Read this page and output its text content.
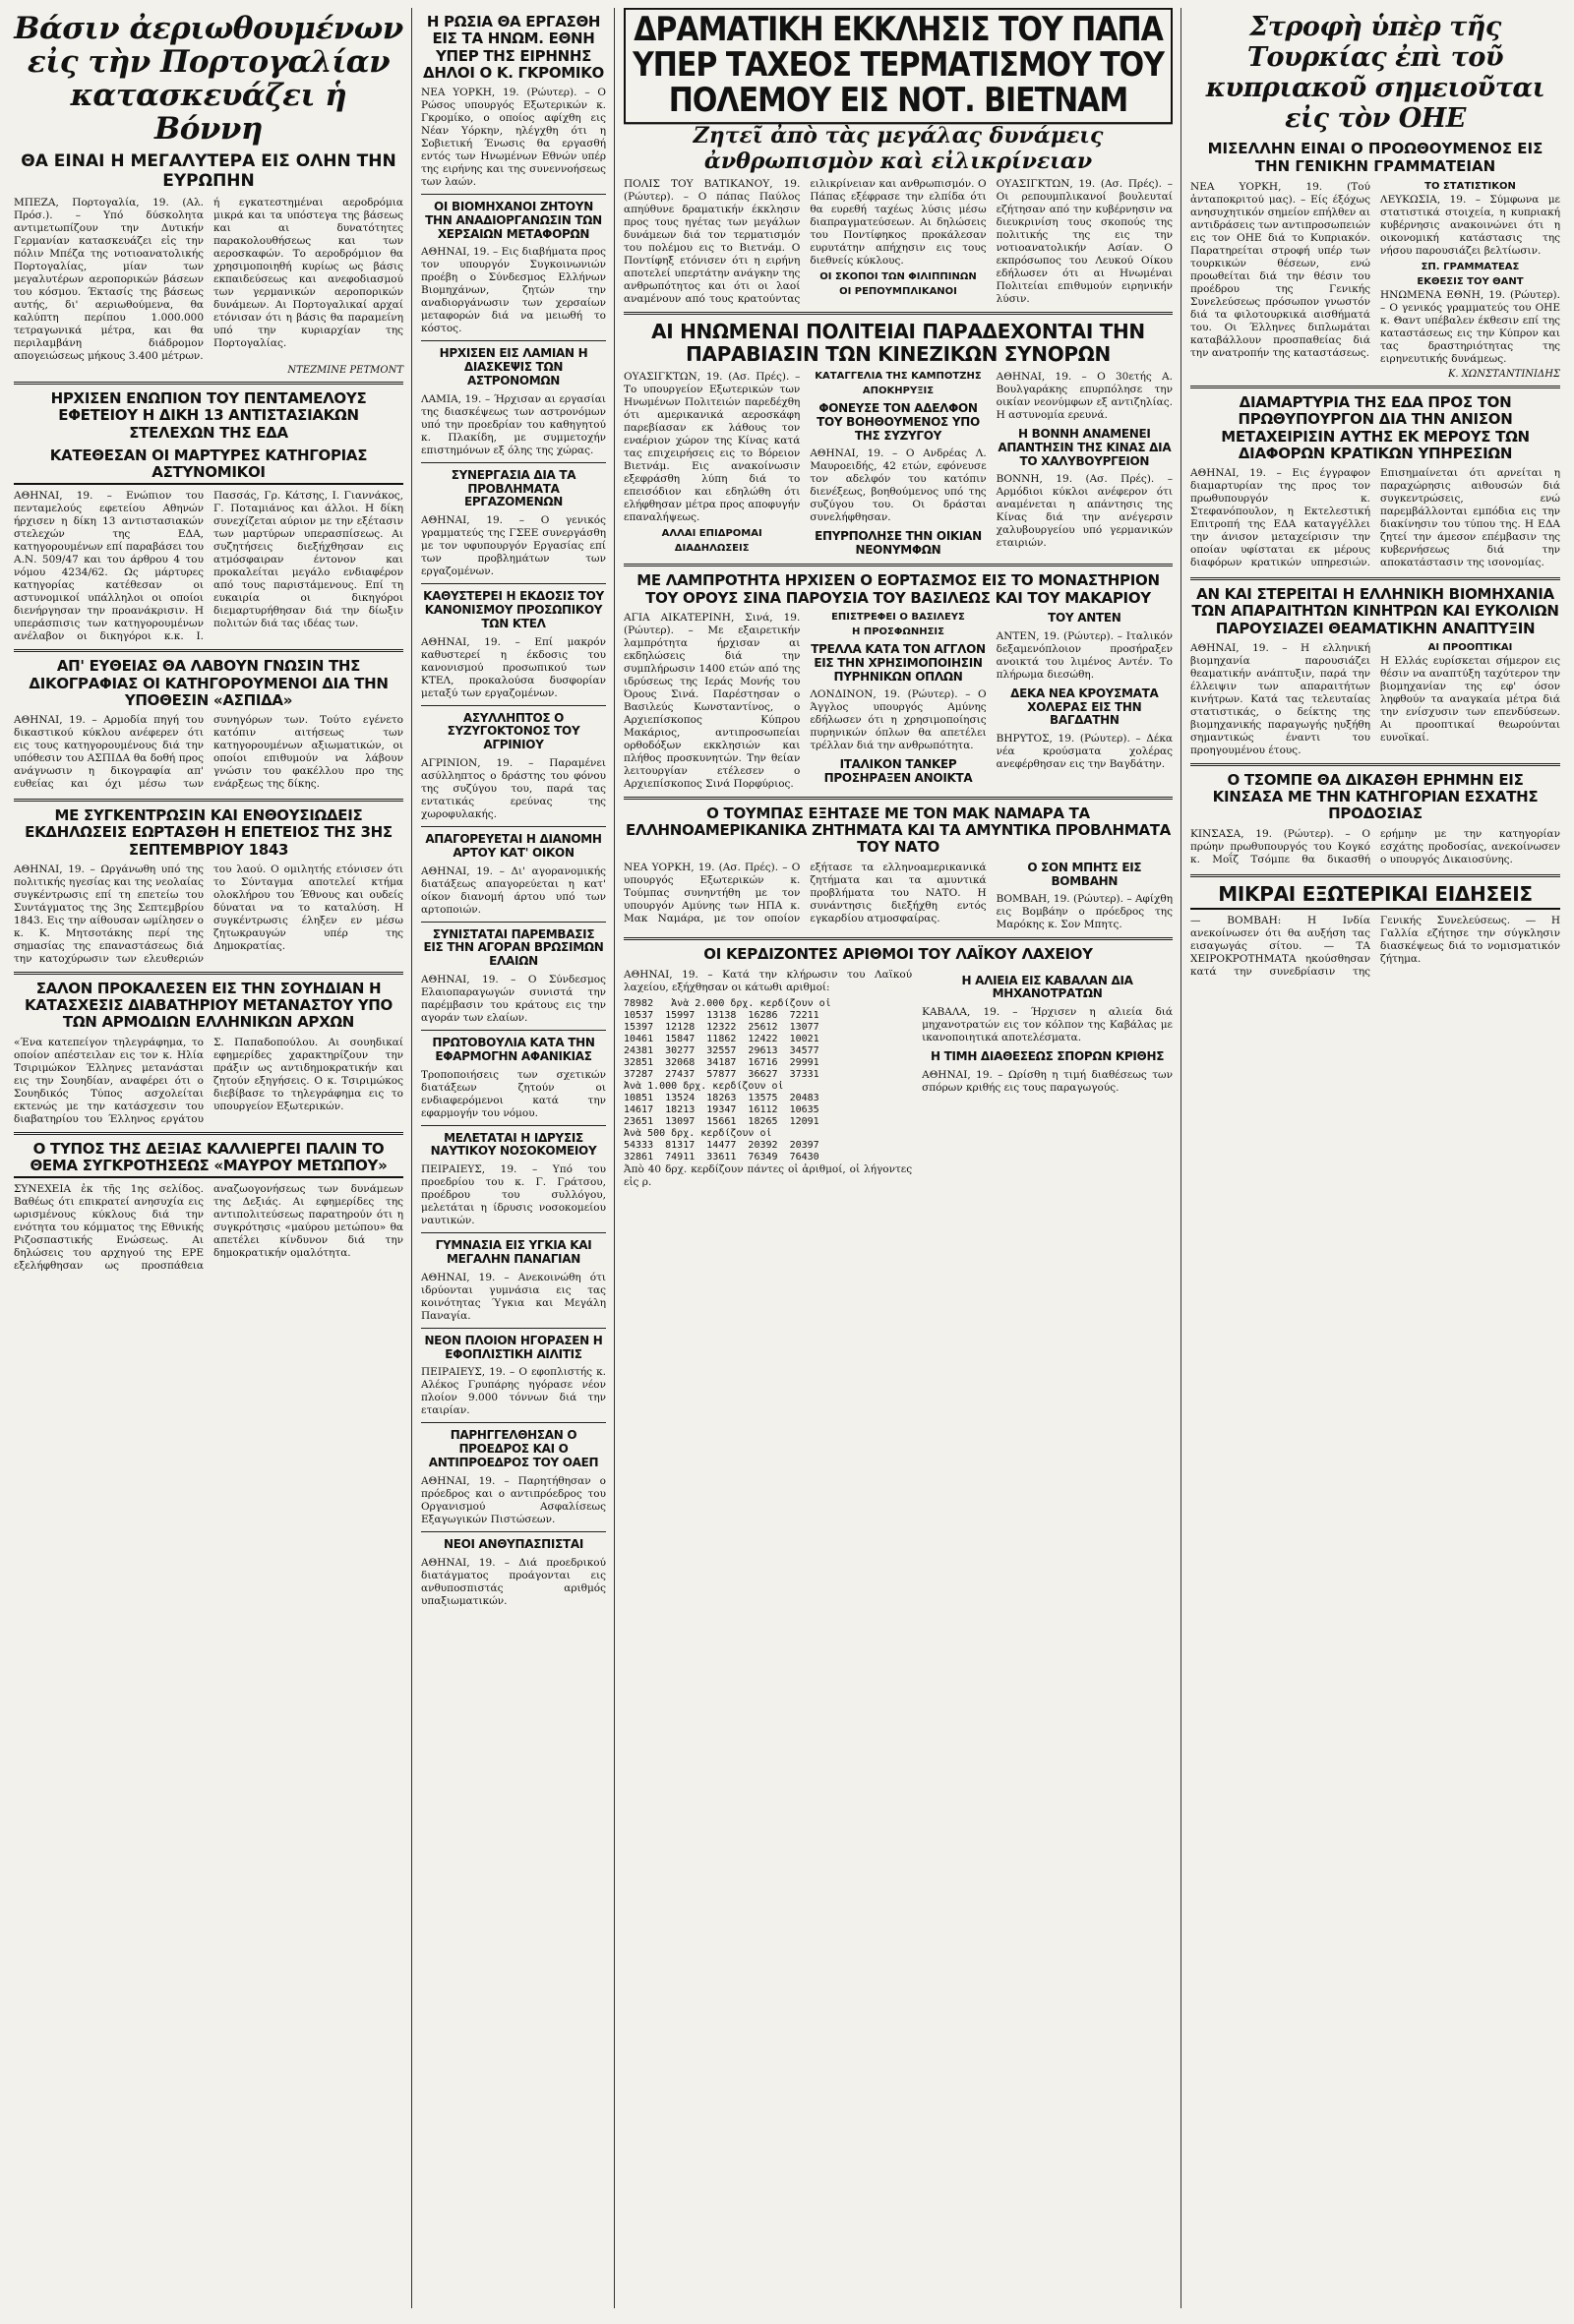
Βάσιν ἀεριωθουμένων εἰς τὴν Πορτογαλίαν κατασκευάζει ἡ Βόννη
ΘΑ ΕΙΝΑΙ Η ΜΕΓΑΛΥΤΕΡΑ ΕΙΣ ΟΛΗΝ ΤΗΝ ΕΥΡΩΠΗΝ

ΜΠΕΖΑ, Πορτογαλία, 19. (Αλ. Πρόσ.). – Υπό δύσκολητα αντιμετωπίζουν την Δυτικήν Γερμανίαν κατασκευάζει εἰς την πόλιν Μπέζα της νοτιοανατολικής Πορτογαλίας, μίαν των μεγαλυτέρων αεροπορικών βάσεων του κόσμου. Έκτασίς της βάσεως αυτής, δι' αεριωθούμενα, θα καλύπτη περίπου 1.000.000 τετραγωνικά μέτρα, και θα περιλαμβάνη διάδρομον απογειώσεως μήκους 3.400 μέτρων.

ή εγκατεστημέναι αεροδρόμια μικρά και τα υπόστεγα της βάσεως και αι δυνατότητες παρακολουθήσεως και των αεροσκαφών. Το αεροδρόμιον θα χρησιμοποιηθή κυρίως ως βάσις εκπαιδεύσεως και ανεφοδιασμού των γερμανικών αεροπορικών δυνάμεων. Αι Πορτογαλικαί αρχαί ετόνισαν ότι η βάσις θα παραμείνη υπό την κυριαρχίαν της Πορτογαλίας.

ΝΤΕΖΜΙΝΕ ΡΕΤΜΟΝΤ
ΗΡΧΙΣΕΝ ΕΝΩΠΙΟΝ ΤΟΥ ΠΕΝΤΑΜΕΛΟΥΣ ΕΦΕΤΕΙΟΥ Η ΔΙΚΗ 13 ΑΝΤΙΣΤΑΣΙΑΚΩΝ ΣΤΕΛΕΧΩΝ ΤΗΣ ΕΔΑ
ΚΑΤΕΘΕΣΑΝ ΟΙ ΜΑΡΤΥΡΕΣ ΚΑΤΗΓΟΡΙΑΣ ΑΣΤΥΝΟΜΙΚΟΙ

ΑΘΗΝΑΙ, 19. – Ενώπιον του πενταμελούς εφετείου Αθηνών ήρχισεν η δίκη 13 αντιστασιακών στελεχών της ΕΔΑ, κατηγορουμένων επί παραβάσει του Α.Ν. 509/47 και του άρθρου 4 του νόμου 4234/62. Ως μάρτυρες κατηγορίας κατέθεσαν οι αστυνομικοί υπάλληλοι οι οποίοι διενήργησαν την προανάκρισιν. Η υπεράσπισις των κατηγορουμένων ανέλαβον οι δικηγόροι κ.κ. Ι. Πασσάς, Γρ. Κάτσης, Ι. Γιαννάκος, Γ. Ποταμιάνος και άλλοι. Η δίκη συνεχίζεται αύριον με την εξέτασιν των μαρτύρων υπερασπίσεως. Αι συζητήσεις διεξήχθησαν εις ατμόσφαιραν έντονον και προκαλείται μεγάλο ενδιαφέρον από τους παριστάμενους. Επί τη ευκαιρία οι δικηγόροι διεμαρτυρήθησαν διά την δίωξιν πολιτών διά τας ιδέας των.

ΑΠ' ΕΥΘΕΙΑΣ ΘΑ ΛΑΒΟΥΝ ΓΝΩΣΙΝ ΤΗΣ ΔΙΚΟΓΡΑΦΙΑΣ ΟΙ ΚΑΤΗΓΟΡΟΥΜΕΝΟΙ ΔΙΑ ΤΗΝ ΥΠΟΘΕΣΙΝ «ΑΣΠΙΔΑ»

ΑΘΗΝΑΙ, 19. – Αρμοδία πηγή του δικαστικού κύκλου ανέφερεν ότι εις τους κατηγορουμένους διά την υπόθεσιν του ΑΣΠΙΔΑ θα δοθή προς ανάγνωσιν η δικογραφία απ' ευθείας και όχι μέσω των συνηγόρων των. Τούτο εγένετο κατόπιν αιτήσεως των κατηγορουμένων αξιωματικών, οι οποίοι επιθυμούν να λάβουν γνώσιν του φακέλλου προ της ενάρξεως της δίκης.

ΜΕ ΣΥΓΚΕΝΤΡΩΣΙΝ ΚΑΙ ΕΝΘΟΥΣΙΩΔΕΙΣ ΕΚΔΗΛΩΣΕΙΣ ΕΩΡΤΑΣΘΗ Η ΕΠΕΤΕΙΟΣ ΤΗΣ 3ΗΣ ΣΕΠΤΕΜΒΡΙΟΥ 1843

ΑΘΗΝΑΙ, 19. – Ωργάνωθη υπό της πολιτικής ηγεσίας και της νεολαίας συγκέντρωσις επί τη επετείω του Συντάγματος της 3ης Σεπτεμβρίου 1843. Εις την αίθουσαν ωμίλησεν ο κ. Κ. Μητσοτάκης περί της σημασίας της επαναστάσεως διά την κατοχύρωσιν των ελευθεριών του λαού. Ο ομιλητής ετόνισεν ότι το Σύνταγμα αποτελεί κτήμα ολοκλήρου του Έθνους και ουδείς δύναται να το καταλύση. Η συγκέντρωσις έληξεν εν μέσω ζητωκραυγών υπέρ της Δημοκρατίας.

ΣΑΛΟΝ ΠΡΟΚΑΛΕΣΕΝ ΕΙΣ ΤΗΝ ΣΟΥΗΔΙΑΝ Η ΚΑΤΑΣΧΕΣΙΣ ΔΙΑΒΑΤΗΡΙΟΥ ΜΕΤΑΝΑΣΤΟΥ ΥΠΟ ΤΩΝ ΑΡΜΟΔΙΩΝ ΕΛΛΗΝΙΚΩΝ ΑΡΧΩΝ

«Ένα κατεπείγον τηλεγράφημα, το οποίον απέστειλαν εις τον κ. Ηλία Τσιριμώκον Έλληνες μετανάσται εις την Σουηδίαν, αναφέρει ότι ο Σουηδικός Τύπος ασχολείται εκτενώς με την κατάσχεσιν του διαβατηρίου του Έλληνος εργάτου Σ. Παπαδοπούλου. Αι σουηδικαί εφημερίδες χαρακτηρίζουν την πράξιν ως αντιδημοκρατικήν και ζητούν εξηγήσεις. Ο κ. Τσιριμώκος διεβίβασε το τηλεγράφημα εις το υπουργείον Εξωτερικών.

Ο ΤΥΠΟΣ ΤΗΣ ΔΕΞΙΑΣ ΚΑΛΛΙΕΡΓΕΙ ΠΑΛΙΝ ΤΟ ΘΕΜΑ ΣΥΓΚΡΟΤΗΣΕΩΣ «ΜΑΥΡΟΥ ΜΕΤΩΠΟΥ»

ΣΥΝΕΧΕΙΑ ἐκ τῆς 1ης σελίδος. Βαθέως ότι επικρατεί ανησυχία εις ωρισμένους κύκλους διά την ενότητα του κόμματος της Εθνικής Ριζοσπαστικής Ενώσεως. Αι δηλώσεις του αρχηγού της ΕΡΕ εξελήφθησαν ως προσπάθεια αναζωογονήσεως των δυνάμεων της Δεξιάς. Αι εφημερίδες της αντιπολιτεύσεως παρατηρούν ότι η συγκρότησις «μαύρου μετώπου» θα απετέλει κίνδυνον διά την δημοκρατικήν ομαλότητα.

Η ΡΩΣΙΑ ΘΑ ΕΡΓΑΣΘΗ ΕΙΣ ΤΑ ΗΝΩΜ. ΕΘΝΗ ΥΠΕΡ ΤΗΣ ΕΙΡΗΝΗΣ ΔΗΛΟΙ Ο Κ. ΓΚΡΟΜΙΚΟ

ΝΕΑ ΥΟΡΚΗ, 19. (Ρώυτερ). – Ο Ρώσος υπουργός Εξωτερικών κ. Γκρομίκο, ο οποίος αφίχθη εις Νέαν Υόρκην, ηλέγχθη ότι η Σοβιετική Ένωσις θα εργασθή εντός των Ηνωμένων Εθνών υπέρ της ειρήνης και της συνεννοήσεως των λαών.

ΟΙ ΒΙΟΜΗΧΑΝΟΙ ΖΗΤΟΥΝ ΤΗΝ ΑΝΑΔΙΟΡΓΑΝΩΣΙΝ ΤΩΝ ΧΕΡΣΑΙΩΝ ΜΕΤΑΦΟΡΩΝ

ΑΘΗΝΑΙ, 19. – Εις διαβήματα προς τον υπουργόν Συγκοινωνιών προέβη ο Σύνδεσμος Ελλήνων Βιομηχάνων, ζητών την αναδιοργάνωσιν των χερσαίων μεταφορών διά να μειωθή το κόστος.

ΗΡΧΙΣΕΝ ΕΙΣ ΛΑΜΙΑΝ Η ΔΙΑΣΚΕΨΙΣ ΤΩΝ ΑΣΤΡΟΝΟΜΩΝ

ΛΑΜΙΑ, 19. – Ήρχισαν αι εργασίαι της διασκέψεως των αστρονόμων υπό την προεδρίαν του καθηγητού κ. Πλακίδη, με συμμετοχήν επιστημόνων εξ όλης της χώρας.

ΣΥΝΕΡΓΑΣΙΑ ΔΙΑ ΤΑ ΠΡΟΒΛΗΜΑΤΑ ΕΡΓΑΖΟΜΕΝΩΝ

ΑΘΗΝΑΙ, 19. – Ο γενικός γραμματεύς της ΓΣΕΕ συνεργάσθη με τον υφυπουργόν Εργασίας επί των προβλημάτων των εργαζομένων.

ΚΑΘΥΣΤΕΡΕΙ Η ΕΚΔΟΣΙΣ ΤΟΥ ΚΑΝΟΝΙΣΜΟΥ ΠΡΟΣΩΠΙΚΟΥ ΤΩΝ ΚΤΕΛ

ΑΘΗΝΑΙ, 19. – Επί μακρόν καθυστερεί η έκδοσις του κανονισμού προσωπικού των ΚΤΕΛ, προκαλούσα δυσφορίαν μεταξύ των εργαζομένων.

ΑΣΥΛΛΗΠΤΟΣ Ο ΣΥΖΥΓΟΚΤΟΝΟΣ ΤΟΥ ΑΓΡΙΝΙΟΥ

ΑΓΡΙΝΙΟΝ, 19. – Παραμένει ασύλληπτος ο δράστης του φόνου της συζύγου του, παρά τας εντατικάς ερεύνας της χωροφυλακής.

ΑΠΑΓΟΡΕΥΕΤΑΙ Η ΔΙΑΝΟΜΗ ΑΡΤΟΥ ΚΑΤ' ΟΙΚΟΝ

ΑΘΗΝΑΙ, 19. – Δι' αγορανομικής διατάξεως απαγορεύεται η κατ' οίκον διανομή άρτου υπό των αρτοποιών.

ΣΥΝΙΣΤΑΤΑΙ ΠΑΡΕΜΒΑΣΙΣ ΕΙΣ ΤΗΝ ΑΓΟΡΑΝ ΒΡΩΣΙΜΩΝ ΕΛΑΙΩΝ

ΑΘΗΝΑΙ, 19. – Ο Σύνδεσμος Ελαιοπαραγωγών συνιστά την παρέμβασιν του κράτους εις την αγοράν των ελαίων.

ΠΡΩΤΟΒΟΥΛΙΑ ΚΑΤΑ ΤΗΝ ΕΦΑΡΜΟΓΗΝ ΑΦΑΝΙΚΙΑΣ

Τροποποιήσεις των σχετικών διατάξεων ζητούν οι ενδιαφερόμενοι κατά την εφαρμογήν του νόμου.

ΜΕΛΕΤΑΤΑΙ Η ΙΔΡΥΣΙΣ ΝΑΥΤΙΚΟΥ ΝΟΣΟΚΟΜΕΙΟΥ

ΠΕΙΡΑΙΕΥΣ, 19. – Υπό του προεδρίου του κ. Γ. Γράτσου, προέδρου του συλλόγου, μελετάται η ίδρυσις νοσοκομείου ναυτικών.

ΓΥΜΝΑΣΙΑ ΕΙΣ ΥΓΚΙΑ ΚΑΙ ΜΕΓΑΛΗΝ ΠΑΝΑΓΙΑΝ

ΑΘΗΝΑΙ, 19. – Ανεκοινώθη ότι ιδρύονται γυμνάσια εις τας κοινότητας Ύγκια και Μεγάλη Παναγία.

ΝΕΟΝ ΠΛΟΙΟΝ ΗΓΟΡΑΣΕΝ Η ΕΦΟΠΛΙΣΤΙΚΗ ΑΙΛΙΤΙΣ

ΠΕΙΡΑΙΕΥΣ, 19. – Ο εφοπλιστής κ. Αλέκος Γρυπάρης ηγόρασε νέον πλοίον 9.000 τόννων διά την εταιρίαν.

ΠΑΡΗΓΓΕΛΘΗΣΑΝ Ο ΠΡΟΕΔΡΟΣ ΚΑΙ Ο ΑΝΤΙΠΡΟΕΔΡΟΣ ΤΟΥ ΟΑΕΠ

ΑΘΗΝΑΙ, 19. – Παρητήθησαν ο πρόεδρος και ο αντιπρόεδρος του Οργανισμού Ασφαλίσεως Εξαγωγικών Πιστώσεων.

ΝΕΟΙ ΑΝΘΥΠΑΣΠΙΣΤΑΙ

ΑΘΗΝΑΙ, 19. – Διά προεδρικού διατάγματος προάγονται εις ανθυποσπιστάς αριθμός υπαξιωματικών.

ΔΡΑΜΑΤΙΚΗ ΕΚΚΛΗΣΙΣ ΤΟΥ ΠΑΠΑ ΥΠΕΡ ΤΑΧΕΟΣ ΤΕΡΜΑΤΙΣΜΟΥ ΤΟΥ ΠΟΛΕΜΟΥ ΕΙΣ ΝΟΤ. ΒΙΕΤΝΑΜ
Ζητεῖ ἀπὸ τὰς μεγάλας δυνάμεις ἀνθρωπισμὸν καὶ εἰλικρίνειαν

ΠΟΛΙΣ ΤΟΥ ΒΑΤΙΚΑΝΟΥ, 19. (Ρώυτερ). – Ο πάπας Παύλος απηύθυνε δραματικήν έκκλησιν προς τους ηγέτας των μεγάλων δυνάμεων διά τον τερματισμόν του πολέμου εις το Βιετνάμ. Ο Ποντίφηξ ετόνισεν ότι η ειρήνη αποτελεί υπερτάτην ανάγκην της ανθρωπότητος και ότι οι λαοί αναμένουν από τους κρατούντας ειλικρίνειαν και ανθρωπισμόν. Ο Πάπας εξέφρασε την ελπίδα ότι θα ευρεθή ταχέως λύσις μέσω διαπραγματεύσεων. Αι δηλώσεις του Ποντίφηκος προκάλεσαν ευρυτάτην απήχησιν εις τους διεθνείς κύκλους.

ΟΙ ΣΚΟΠΟΙ ΤΩΝ ΦΙΛΙΠΠΙΝΩΝ
ΟΙ ΡΕΠΟΥΜΠΛΙΚΑΝΟΙ

ΟΥΑΣΙΓΚΤΩΝ, 19. (Ασ. Πρές). – Οι ρεπουμπλικανοί βουλευταί εζήτησαν από την κυβέρνησιν να διευκρινίση τους σκοπούς της πολιτικής της εις την νοτιοανατολικήν Ασίαν. Ο εκπρόσωπος του Λευκού Οίκου εδήλωσεν ότι αι Ηνωμέναι Πολιτείαι επιθυμούν ειρηνικήν λύσιν.

ΑΙ ΗΝΩΜΕΝΑΙ ΠΟΛΙΤΕΙΑΙ ΠΑΡΑΔΕΧΟΝΤΑΙ ΤΗΝ ΠΑΡΑΒΙΑΣΙΝ ΤΩΝ ΚΙΝΕΖΙΚΩΝ ΣΥΝΟΡΩΝ

ΟΥΑΣΙΓΚΤΩΝ, 19. (Ασ. Πρές). – Το υπουργείον Εξωτερικών των Ηνωμένων Πολιτειών παρεδέχθη ότι αμερικανικά αεροσκάφη παρεβίασαν εκ λάθους τον εναέριον χώρον της Κίνας κατά τας επιχειρήσεις εις το Βόρειον Βιετνάμ. Εις ανακοίνωσιν εξεφράσθη λύπη διά το επεισόδιον και εδηλώθη ότι ελήφθησαν μέτρα προς αποφυγήν επαναλήψεως.

ΑΛΛΑΙ ΕΠΙΔΡΟΜΑΙ
ΔΙΑΔΗΛΩΣΕΙΣ
ΚΑΤΑΓΓΕΛΙΑ ΤΗΣ ΚΑΜΠΟΤΖΗΣ
ΑΠΟΚΗΡΥΞΙΣ
ΦΟΝΕΥΣΕ ΤΟΝ ΑΔΕΛΦΟΝ ΤΟΥ ΒΟΗΘΟΥΜΕΝΟΣ ΥΠΟ ΤΗΣ ΣΥΖΥΓΟΥ

ΑΘΗΝΑΙ, 19. – Ο Ανδρέας Λ. Μαυροειδής, 42 ετών, εφόνευσε τον αδελφόν του κατόπιν διενέξεως, βοηθούμενος υπό της συζύγου του. Οι δράσται συνελήφθησαν.

ΕΠΥΡΠΟΛΗΣΕ ΤΗΝ ΟΙΚΙΑΝ ΝΕΟΝΥΜΦΩΝ

ΑΘΗΝΑΙ, 19. – Ο 30ετής Α. Βουλγαράκης επυρπόλησε την οικίαν νεονύμφων εξ αντιζηλίας. Η αστυνομία ερευνά.

Η ΒΟΝΝΗ ΑΝΑΜΕΝΕΙ ΑΠΑΝΤΗΣΙΝ ΤΗΣ ΚΙΝΑΣ ΔΙΑ ΤΟ ΧΑΛΥΒΟΥΡΓΕΙΟΝ

ΒΟΝΝΗ, 19. (Ασ. Πρές). – Αρμόδιοι κύκλοι ανέφερον ότι αναμένεται η απάντησις της Κίνας διά την ανέγερσιν χαλυβουργείου υπό γερμανικών εταιριών.

ΜΕ ΛΑΜΠΡΟΤΗΤΑ ΗΡΧΙΣΕΝ Ο ΕΟΡΤΑΣΜΟΣ ΕΙΣ ΤΟ ΜΟΝΑΣΤΗΡΙΟΝ ΤΟΥ ΟΡΟΥΣ ΣΙΝΑ ΠΑΡΟΥΣΙΑ ΤΟΥ ΒΑΣΙΛΕΩΣ ΚΑΙ ΤΟΥ ΜΑΚΑΡΙΟΥ

ΑΓΙΑ ΑΙΚΑΤΕΡΙΝΗ, Σινά, 19. (Ρώυτερ). – Με εξαιρετικήν λαμπρότητα ήρχισαν αι εκδηλώσεις διά την συμπλήρωσιν 1400 ετών από της ιδρύσεως της Ιεράς Μονής του Όρους Σινά. Παρέστησαν ο Βασιλεύς Κωνσταντίνος, ο Αρχιεπίσκοπος Κύπρου Μακάριος, αντιπροσωπείαι ορθοδόξων εκκλησιών και πλήθος προσκυνητών. Την θείαν λειτουργίαν ετέλεσεν ο Αρχιεπίσκοπος Σινά Πορφύριος.

ΕΠΙΣΤΡΕΦΕΙ Ο ΒΑΣΙΛΕΥΣ
Η ΠΡΟΣΦΩΝΗΣΙΣ
ΤΡΕΛΛΑ ΚΑΤΑ ΤΟΝ ΑΓΓΛΟΝ ΕΙΣ ΤΗΝ ΧΡΗΣΙΜΟΠΟΙΗΣΙΝ ΠΥΡΗΝΙΚΩΝ ΟΠΛΩΝ

ΛΟΝΔΙΝΟΝ, 19. (Ρώυτερ). – Ο Άγγλος υπουργός Αμύνης εδήλωσεν ότι η χρησιμοποίησις πυρηνικών όπλων θα απετέλει τρέλλαν διά την ανθρωπότητα.

ΙΤΑΛΙΚΟΝ ΤΑΝΚΕΡ ΠΡΟΣΗΡΑΞΕΝ ΑΝΟΙΚΤΑ ΤΟΥ ΑΝΤΕΝ

ΑΝΤΕΝ, 19. (Ρώυτερ). – Ιταλικόν δεξαμενόπλοιον προσήραξεν ανοικτά του λιμένος Αντέν. Το πλήρωμα διεσώθη.

ΔΕΚΑ ΝΕΑ ΚΡΟΥΣΜΑΤΑ ΧΟΛΕΡΑΣ ΕΙΣ ΤΗΝ ΒΑΓΔΑΤΗΝ

ΒΗΡΥΤΟΣ, 19. (Ρώυτερ). – Δέκα νέα κρούσματα χολέρας ανεφέρθησαν εις την Βαγδάτην.

Ο ΤΟΥΜΠΑΣ ΕΞΗΤΑΣΕ ΜΕ ΤΟΝ ΜΑΚ ΝΑΜΑΡΑ ΤΑ ΕΛΛΗΝΟΑΜΕΡΙΚΑΝΙΚΑ ΖΗΤΗΜΑΤΑ ΚΑΙ ΤΑ ΑΜΥΝΤΙΚΑ ΠΡΟΒΛΗΜΑΤΑ ΤΟΥ ΝΑΤΟ

ΝΕΑ ΥΟΡΚΗ, 19. (Ασ. Πρές). – Ο υπουργός Εξωτερικών κ. Τούμπας συνηντήθη με τον υπουργόν Αμύνης των ΗΠΑ κ. Μακ Ναμάρα, με τον οποίον εξήτασε τα ελληνοαμερικανικά ζητήματα και τα αμυντικά προβλήματα του ΝΑΤΟ. Η συνάντησις διεξήχθη εντός εγκαρδίου ατμοσφαίρας.

Ο ΣΟΝ ΜΠΗΤΣ ΕΙΣ ΒΟΜΒΑΗΝ

ΒΟΜΒΑΗ, 19. (Ρώυτερ). – Αφίχθη εις Βομβάην ο πρόεδρος της Μαρόκης κ. Σον Μπητς.

ΟΙ ΚΕΡΔΙΖΟΝΤΕΣ ΑΡΙΘΜΟΙ ΤΟΥ ΛΑΪΚΟΥ ΛΑΧΕΙΟΥ

ΑΘΗΝΑΙ, 19. – Κατά την κλήρωσιν του Λαϊκού λαχείου, εξήχθησαν οι κάτωθι αριθμοί:

78982   Ἀνὰ 2.000 δρχ. κερδίζουν οἱ
10537  15997  13138  16286  72211
15397  12128  12322  25612  13077
10461  15847  11862  12422  10021
24381  30277  32557  29613  34577
32851  32068  34187  16716  29991
37287  27437  57877  36627  37331
Ἀνὰ 1.000 δρχ. κερδίζουν οἱ
10851  13524  18263  13575  20483
14617  18213  19347  16112  10635
23651  13097  15661  18265  12091
Ἀνὰ 500 δρχ. κερδίζουν οἱ
54333  81317  14477  20392  20397
32861  74911  33611  76349  76430

Ἀπὸ 40 δρχ. κερδίζουν πάντες οἱ ἀριθμοί, οἱ λήγοντες εἰς ρ.

Η ΑΛΙΕΙΑ ΕΙΣ ΚΑΒΑΛΑΝ ΔΙΑ ΜΗΧΑΝΟΤΡΑΤΩΝ

ΚΑΒΑΛΑ, 19. – Ήρχισεν η αλιεία διά μηχανοτρατών εις τον κόλπον της Καβάλας με ικανοποιητικά αποτελέσματα.

Η ΤΙΜΗ ΔΙΑΘΕΣΕΩΣ ΣΠΟΡΩΝ ΚΡΙΘΗΣ

ΑΘΗΝΑΙ, 19. – Ωρίσθη η τιμή διαθέσεως των σπόρων κριθής εις τους παραγωγούς.

Στροφὴ ὑπὲρ τῆς Τουρκίας ἐπὶ τοῦ κυπριακοῦ σημειοῦται εἰς τὸν ΟΗΕ
ΜΙΣΕΛΛΗΝ ΕΙΝΑΙ Ο ΠΡΟΩΘΟΥΜΕΝΟΣ ΕΙΣ ΤΗΝ ΓΕΝΙΚΗΝ ΓΡΑΜΜΑΤΕΙΑΝ

ΝΕΑ ΥΟΡΚΗ, 19. (Τού ἀνταποκριτού μας). – Είς έξόχως ανησυχητικόν σημείον επήλθεν αι αντιδράσεις των αντιπροσωπειών εις τον ΟΗΕ διά το Κυπριακόν. Παρατηρείται στροφή υπέρ των τουρκικών θέσεων, ενώ προωθείται διά την θέσιν του προέδρου της Γενικής Συνελεύσεως πρόσωπον γνωστόν διά τα φιλοτουρκικά αισθήματά του. Οι Έλληνες διπλωμάται καταβάλλουν προσπαθείας διά την ανατροπήν της καταστάσεως.

ΤΟ ΣΤΑΤΙΣΤΙΚΟΝ

ΛΕΥΚΩΣΙΑ, 19. – Σύμφωνα με στατιστικά στοιχεία, η κυπριακή κυβέρνησις ανακοινώνει ότι η οικονομική κατάστασις της νήσου παρουσιάζει βελτίωσιν.

ΣΠ. ΓΡΑΜΜΑΤΕΑΣ
ΕΚΘΕΣΙΣ ΤΟΥ ΘΑΝΤ

ΗΝΩΜΕΝΑ ΕΘΝΗ, 19. (Ρώυτερ). – Ο γενικός γραμματεύς του ΟΗΕ κ. Θαντ υπέβαλεν έκθεσιν επί της καταστάσεως εις την Κύπρον και τας δραστηριότητας της ειρηνευτικής δυνάμεως.

Κ. ΧΩΝΣΤΑΝΤΙΝΙΔΗΣ
ΔΙΑΜΑΡΤΥΡΙΑ ΤΗΣ ΕΔΑ ΠΡΟΣ ΤΟΝ ΠΡΩΘΥΠΟΥΡΓΟΝ ΔΙΑ ΤΗΝ ΑΝΙΣΟΝ ΜΕΤΑΧΕΙΡΙΣΙΝ ΑΥΤΗΣ ΕΚ ΜΕΡΟΥΣ ΤΩΝ ΔΙΑΦΟΡΩΝ ΚΡΑΤΙΚΩΝ ΥΠΗΡΕΣΙΩΝ

ΑΘΗΝΑΙ, 19. – Εις έγγραφον διαμαρτυρίαν της προς τον πρωθυπουργόν κ. Στεφανόπουλον, η Εκτελεστική Επιτροπή της ΕΔΑ καταγγέλλει την άνισον μεταχείρισιν την οποίαν υφίσταται εκ μέρους διαφόρων κρατικών υπηρεσιών. Επισημαίνεται ότι αρνείται η παραχώρησις αιθουσών διά συγκεντρώσεις, ενώ παρεμβάλλονται εμπόδια εις την διακίνησιν του τύπου της. Η ΕΔΑ ζητεί την άμεσον επέμβασιν της κυβερνήσεως διά την αποκατάστασιν της ισονομίας.

ΑΝ ΚΑΙ ΣΤΕΡΕΙΤΑΙ Η ΕΛΛΗΝΙΚΗ ΒΙΟΜΗΧΑΝΙΑ ΤΩΝ ΑΠΑΡΑΙΤΗΤΩΝ ΚΙΝΗΤΡΩΝ ΚΑΙ ΕΥΚΟΛΙΩΝ ΠΑΡΟΥΣΙΑΖΕΙ ΘΕΑΜΑΤΙΚΗΝ ΑΝΑΠΤΥΞΙΝ

ΑΘΗΝΑΙ, 19. – Η ελληνική βιομηχανία παρουσιάζει θεαματικήν ανάπτυξιν, παρά την έλλειψιν των απαραιτήτων κινήτρων. Κατά τας τελευταίας στατιστικάς, ο δείκτης της βιομηχανικής παραγωγής ηυξήθη σημαντικώς έναντι του προηγουμένου έτους.

ΑΙ ΠΡΟΟΠΤΙΚΑΙ

Η Ελλάς ευρίσκεται σήμερον εις θέσιν να αναπτύξη ταχύτερον την βιομηχανίαν της εφ' όσον ληφθούν τα αναγκαία μέτρα διά την ενίσχυσιν των επενδύσεων. Αι προοπτικαί θεωρούνται ευνοϊκαί.

Ο ΤΣΟΜΠΕ ΘΑ ΔΙΚΑΣΘΗ ΕΡΗΜΗΝ ΕΙΣ ΚΙΝΣΑΣΑ ΜΕ ΤΗΝ ΚΑΤΗΓΟΡΙΑΝ ΕΣΧΑΤΗΣ ΠΡΟΔΟΣΙΑΣ

ΚΙΝΣΑΣΑ, 19. (Ρώυτερ). – Ο πρώην πρωθυπουργός του Κογκό κ. Μοΐζ Τσόμπε θα δικασθή ερήμην με την κατηγορίαν εσχάτης προδοσίας, ανεκοίνωσεν ο υπουργός Δικαιοσύνης.

ΜΙΚΡΑΙ ΕΞΩΤΕΡΙΚΑΙ ΕΙΔΗΣΕΙΣ

— ΒΟΜΒΑΗ: Η Ινδία ανεκοίνωσεν ότι θα αυξήση τας εισαγωγάς σίτου. — ΤΑ ΧΕΙΡΟΚΡΟΤΗΜΑΤΑ ηκούσθησαν κατά την συνεδρίασιν της Γενικής Συνελεύσεως. — Η Γαλλία εζήτησε την σύγκλησιν διασκέψεως διά το νομισματικόν ζήτημα.
